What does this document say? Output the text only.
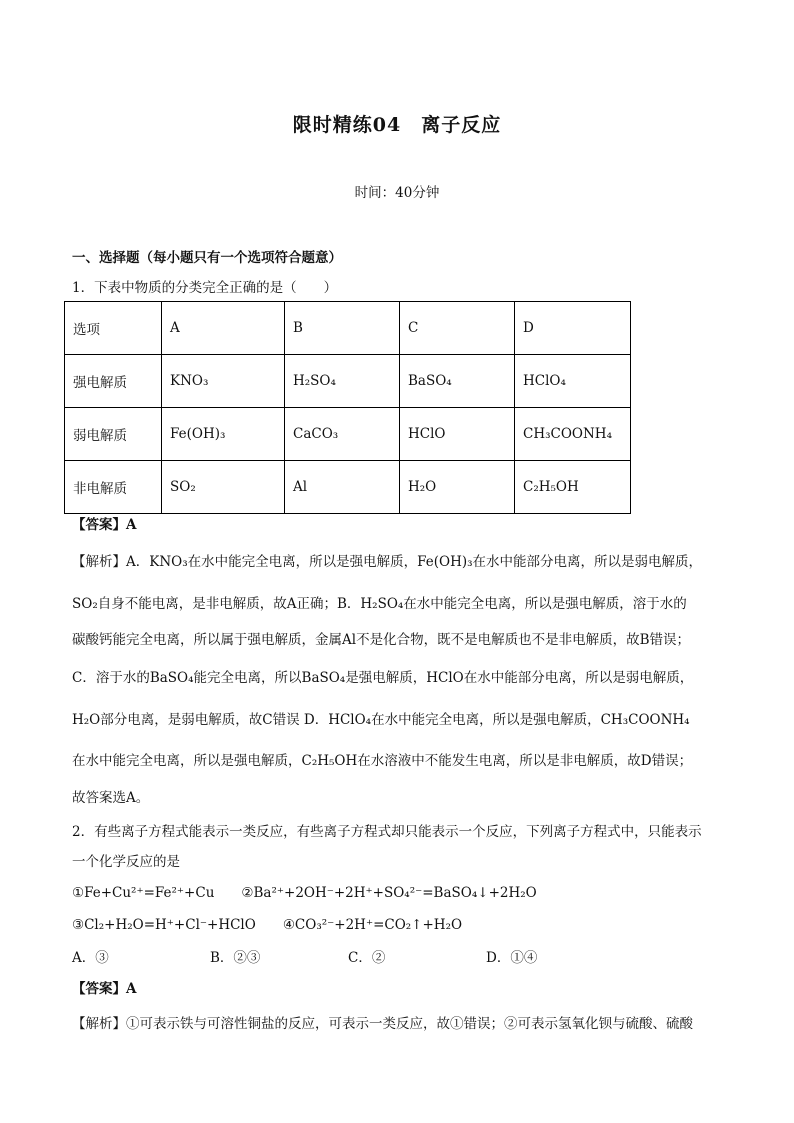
限时精练04　离子反应
时间：40分钟
一、选择题（每小题只有一个选项符合题意）
1．下表中物质的分类完全正确的是（　　）
选项	A	B	C	D
强电解质	KNO₃	H₂SO₄	BaSO₄	HClO₄
弱电解质	Fe(OH)₃	CaCO₃	HClO	CH₃COONH₄
非电解质	SO₂	Al	H₂O	C₂H₅OH
【答案】A
【解析】A．KNO₃在水中能完全电离，所以是强电解质，Fe(OH)₃在水中能部分电离，所以是弱电解质，
SO₂自身不能电离，是非电解质，故A正确；B．H₂SO₄在水中能完全电离，所以是强电解质，溶于水的
碳酸钙能完全电离，所以属于强电解质，金属Al不是化合物，既不是电解质也不是非电解质，故B错误；
C．溶于水的BaSO₄能完全电离，所以BaSO₄是强电解质，HClO在水中能部分电离，所以是弱电解质，
H₂O部分电离，是弱电解质，故C错误 D．HClO₄在水中能完全电离，所以是强电解质，CH₃COONH₄
在水中能完全电离，所以是强电解质，C₂H₅OH在水溶液中不能发生电离，所以是非电解质，故D错误；
故答案选A。
2．有些离子方程式能表示一类反应，有些离子方程式却只能表示一个反应，下列离子方程式中，只能表示
一个化学反应的是
①Fe+Cu²⁺=Fe²⁺+Cu　　②Ba²⁺+2OH⁻+2H⁺+SO₄²⁻=BaSO₄↓+2H₂O
③Cl₂+H₂O=H⁺+Cl⁻+HClO　　④CO₃²⁻+2H⁺=CO₂↑+H₂O
A．③	B．②③	C．②	D．①④
【答案】A
【解析】①可表示铁与可溶性铜盐的反应，可表示一类反应，故①错误；②可表示氢氧化钡与硫酸、硫酸
